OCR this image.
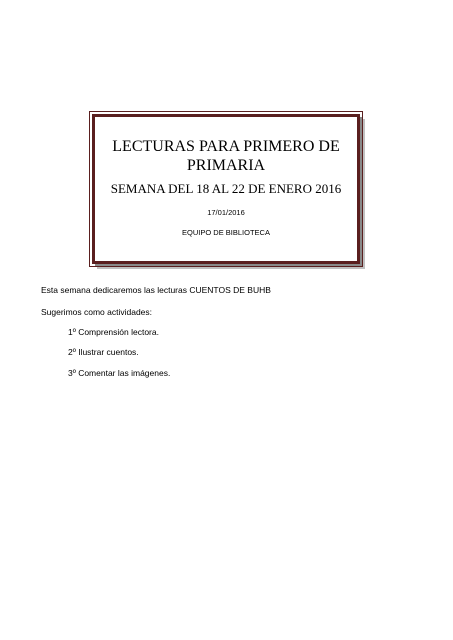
LECTURAS PARA PRIMERO DE
PRIMARIA
SEMANA DEL 18 AL 22 DE ENERO 2016
17/01/2016
EQUIPO DE BIBLIOTECA
Esta semana dedicaremos las lecturas CUENTOS DE BUHB
Sugerimos como actividades:
1º Comprensión lectora.
2º Ilustrar cuentos.
3º Comentar las imágenes.
